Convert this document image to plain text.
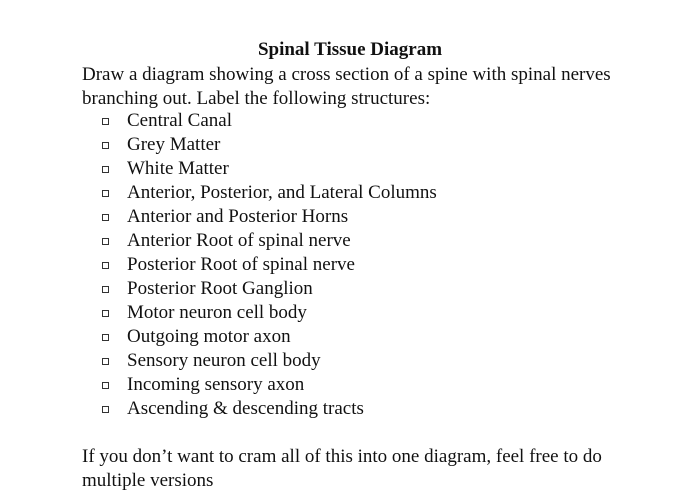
Spinal Tissue Diagram

Draw a diagram showing a cross section of a spine with spinal nerves branching out. Label the following structures:

Central Canal
Grey Matter
White Matter
Anterior, Posterior, and Lateral Columns
Anterior and Posterior Horns
Anterior Root of spinal nerve
Posterior Root of spinal nerve
Posterior Root Ganglion
Motor neuron cell body
Outgoing motor axon
Sensory neuron cell body
Incoming sensory axon
Ascending & descending tracts

If you don’t want to cram all of this into one diagram, feel free to do multiple versions
